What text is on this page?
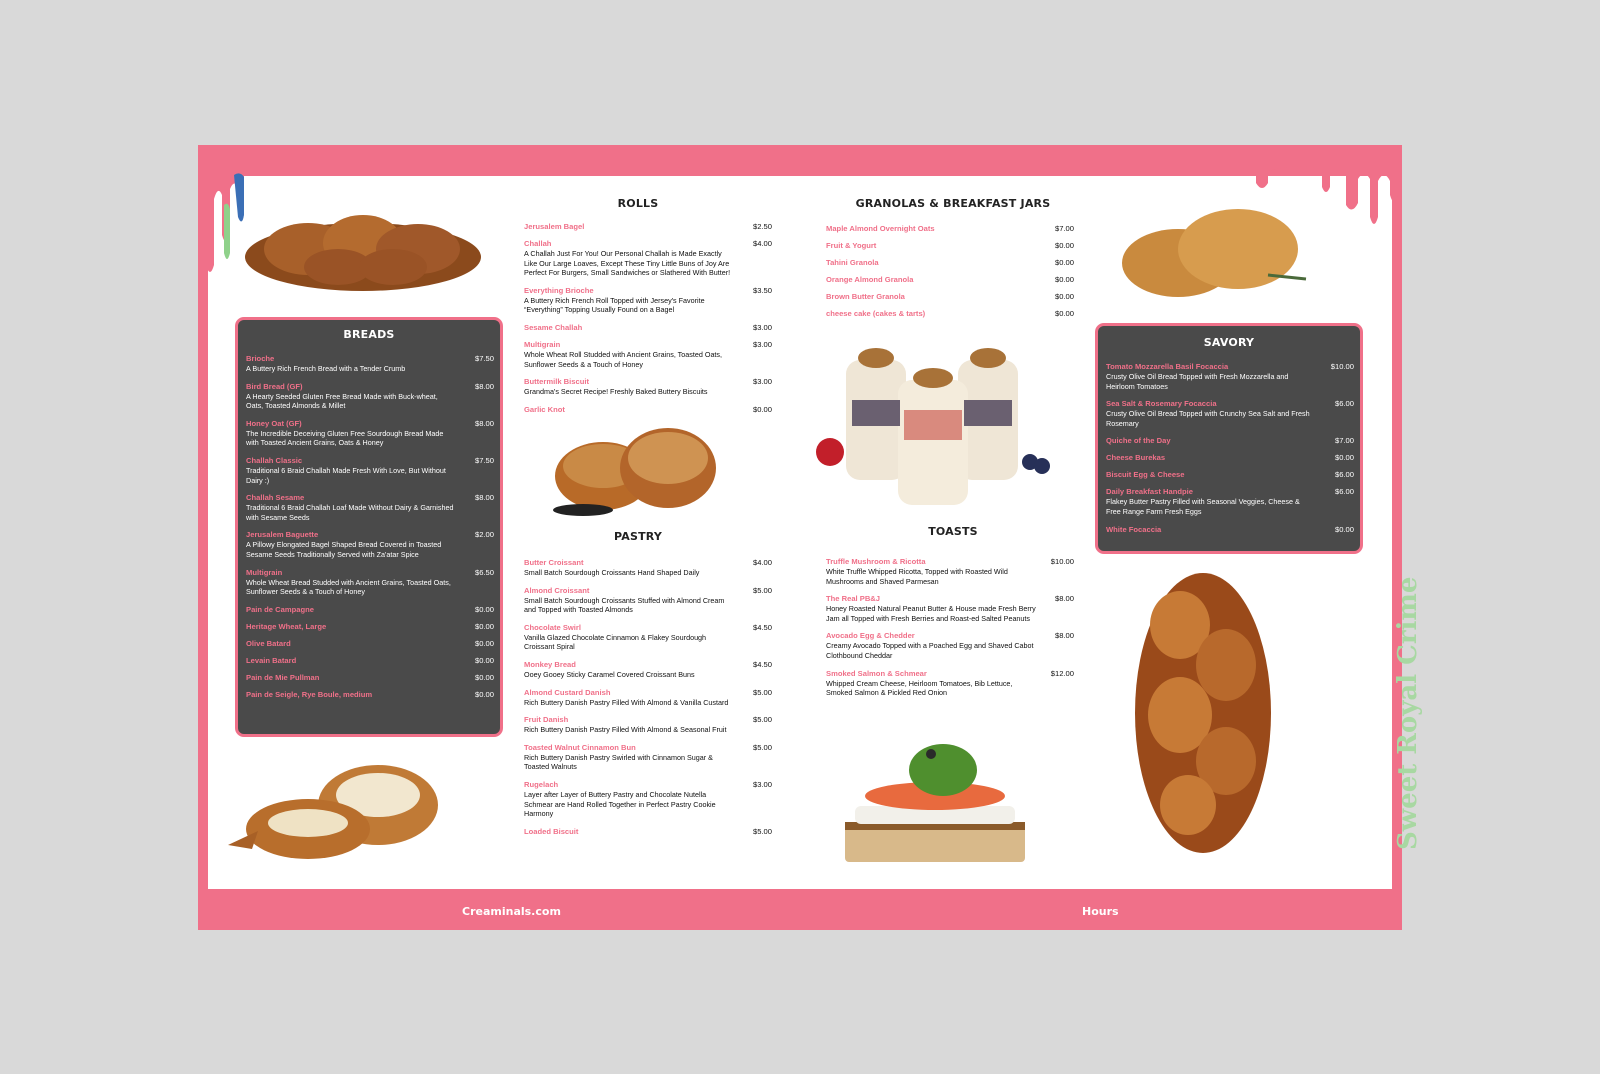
Sweet Royal Crime
BREADS
Brioche
A Buttery Rich French Bread with a Tender Crumb
$7.50
Bird Bread (GF)
A Hearty Seeded Gluten Free Bread Made with Buck-wheat, Oats, Toasted Almonds & Millet
$8.00
Honey Oat (GF)
The Incredible Deceiving Gluten Free Sourdough Bread Made with Toasted Ancient Grains, Oats & Honey
$8.00
Challah Classic
Traditional 6 Braid Challah Made Fresh With Love, But Without Dairy :)
$7.50
Challah Sesame
Traditional 6 Braid Challah Loaf Made Without Dairy & Garnished with Sesame Seeds
$8.00
Jerusalem Baguette
A Pillowy Elongated Bagel Shaped Bread Covered in Toasted Sesame Seeds Traditionally Served with Za'atar Spice
$2.00
Multigrain
Whole Wheat Bread Studded with Ancient Grains, Toasted Oats, Sunflower Seeds & a Touch of Honey
$6.50
Pain de Campagne	$0.00
Heritage Wheat, Large	$0.00
Olive Batard	$0.00
Levain Batard	$0.00
Pain de Mie Pullman	$0.00
Pain de Seigle, Rye Boule, medium	$0.00
ROLLS
Jerusalem Bagel	$2.50
Challah
A Challah Just For You! Our Personal Challah is Made Exactly Like Our Large Loaves, Except These Tiny Little Buns of Joy Are Perfect For Burgers, Small Sandwiches or Slathered With Butter!
$4.00
Everything Brioche
A Buttery Rich French Roll Topped with Jersey's Favorite “Everything” Topping Usually Found on a Bagel
$3.50
Sesame Challah	$3.00
Multigrain
Whole Wheat Roll Studded with Ancient Grains, Toasted Oats, Sunflower Seeds & a Touch of Honey
$3.00
Buttermilk Biscuit
Grandma's Secret Recipe! Freshly Baked Buttery Biscuits
$3.00
Garlic Knot	$0.00
PASTRY
Butter Croissant
Small Batch Sourdough Croissants Hand Shaped Daily
$4.00
Almond Croissant
Small Batch Sourdough Croissants Stuffed with Almond Cream and Topped with Toasted Almonds
$5.00
Chocolate Swirl
Vanilla Glazed Chocolate Cinnamon & Flakey Sourdough Croissant Spiral
$4.50
Monkey Bread
Ooey Gooey Sticky Caramel Covered Croissant Buns
$4.50
Almond Custard Danish
Rich Buttery Danish Pastry Filled With Almond & Vanilla Custard
$5.00
Fruit Danish
Rich Buttery Danish Pastry Filled With Almond & Seasonal Fruit
$5.00
Toasted Walnut Cinnamon Bun
Rich Buttery Danish Pastry Swirled with Cinnamon Sugar & Toasted Walnuts
$5.00
Rugelach
Layer after Layer of Buttery Pastry and Chocolate Nutella Schmear are Hand Rolled Together in Perfect Pastry Cookie Harmony
$3.00
Loaded Biscuit	$5.00
GRANOLAS & BREAKFAST JARS
Maple Almond Overnight Oats	$7.00
Fruit & Yogurt	$0.00
Tahini Granola	$0.00
Orange Almond Granola	$0.00
Brown Butter Granola	$0.00
cheese cake (cakes & tarts)	$0.00
TOASTS
Truffle Mushroom & Ricotta
White Truffle Whipped Ricotta, Topped with Roasted Wild Mushrooms and Shaved Parmesan
$10.00
The Real PB&J
Honey Roasted Natural Peanut Butter & House made Fresh Berry Jam all Topped with Fresh Berries and Roast-ed Salted Peanuts
$8.00
Avocado Egg & Chedder
Creamy Avocado Topped with a Poached Egg and Shaved Cabot Clothbound Cheddar
$8.00
Smoked Salmon & Schmear
Whipped Cream Cheese, Heirloom Tomatoes, Bib Lettuce, Smoked Salmon & Pickled Red Onion
$12.00
SAVORY
Tomato Mozzarella Basil Focaccia
Crusty Olive Oil Bread Topped with Fresh Mozzarella and Heirloom Tomatoes
$10.00
Sea Salt & Rosemary Focaccia
Crusty Olive Oil Bread Topped with Crunchy Sea Salt and Fresh Rosemary
$6.00
Quiche of the Day	$7.00
Cheese Burekas	$0.00
Biscuit Egg & Cheese	$6.00
Daily Breakfast Handpie
Flakey Butter Pastry Filled with Seasonal Veggies, Cheese & Free Range Farm Fresh Eggs
$6.00
White Focaccia	$0.00
Creaminals.com	Hours
